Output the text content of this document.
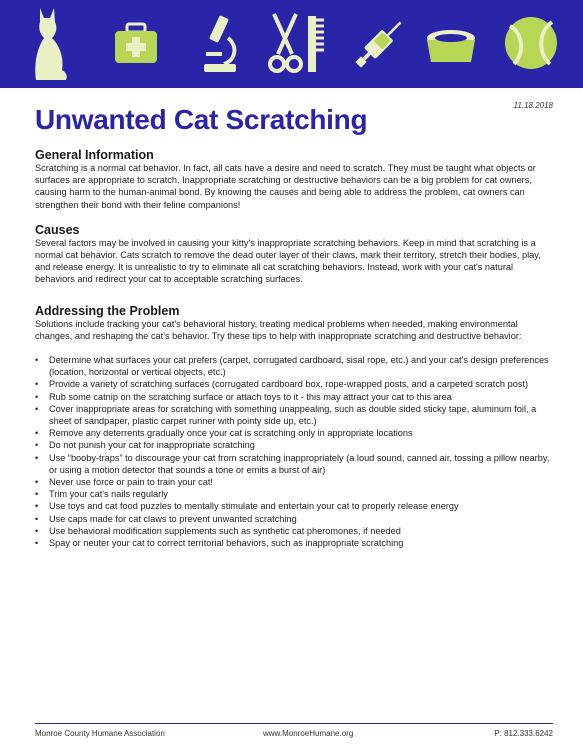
11.18.2018
Unwanted Cat Scratching
General Information

Scratching is a normal cat behavior. In fact, all cats have a desire and need to scratch. They must be taught what objects or surfaces are appropriate to scratch. Inappropriate scratching or destructive behaviors can be a big problem for cat owners, causing harm to the human-animal bond. By knowing the causes and being able to address the problem, cat owners can strengthen their bond with their feline companions!

Causes

Several factors may be involved in causing your kitty's inappropriate scratching behaviors. Keep in mind that scratching is a normal cat behavior. Cats scratch to remove the dead outer layer of their claws, mark their territory, stretch their bodies, play, and release energy. It is unrealistic to try to eliminate all cat scratching behaviors. Instead, work with your cat's natural behaviors and redirect your cat to acceptable scratching surfaces.

Addressing the Problem

Solutions include tracking your cat's behavioral history, treating medical problems when needed, making environmental changes, and reshaping the cat's behavior. Try these tips to help with inappropriate scratching and destructive behavior:

• Determine what surfaces your cat prefers (carpet, corrugated cardboard, sisal rope, etc.) and your cat's design preferences (location, horizontal or vertical objects, etc.)
• Provide a variety of scratching surfaces (corrugated cardboard box, rope-wrapped posts, and a carpeted scratch post)
• Rub some catnip on the scratching surface or attach toys to it - this may attract your cat to this area
• Cover inappropriate areas for scratching with something unappealing, such as double sided sticky tape, aluminum foil, a sheet of sandpaper, plastic carpet runner with pointy side up, etc.)
• Remove any deterrents gradually once your cat is scratching only in appropriate locations
• Do not punish your cat for inappropriate scratching
• Use “booby-traps” to discourage your cat from scratching inappropriately (a loud sound, canned air, tossing a pillow nearby, or using a motion detector that sounds a tone or emits a burst of air)
• Never use force or pain to train your cat!
• Trim your cat's nails regularly
• Use toys and cat food puzzles to mentally stimulate and entertain your cat to properly release energy
• Use caps made for cat claws to prevent unwanted scratching
• Use behavioral modification supplements such as synthetic cat pheromones, if needed
• Spay or neuter your cat to correct territorial behaviors, such as inappropriate scratching
Monroe County Humane Association	www.MonroeHumane.org	P: 812.333.6242
